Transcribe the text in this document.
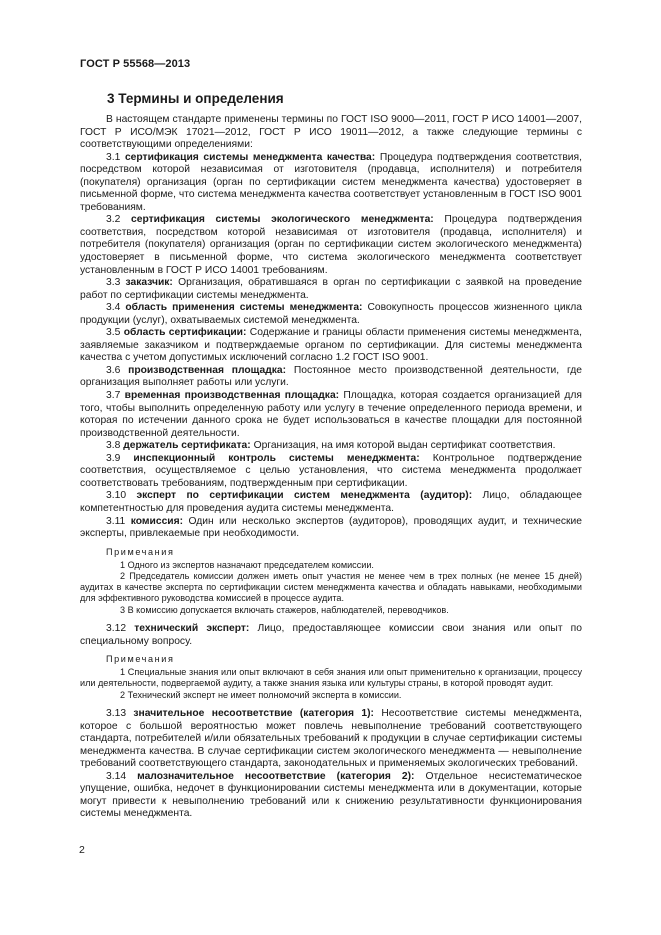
ГОСТ Р 55568—2013
3 Термины и определения

В настоящем стандарте применены термины по ГОСТ ISO 9000—2011, ГОСТ Р ИСО 14001—2007, ГОСТ Р ИСО/МЭК 17021—2012, ГОСТ Р ИСО 19011—2012, а также следующие термины с соответствующими определениями:

3.1 сертификация системы менеджмента качества: Процедура подтверждения соответствия, посредством которой независимая от изготовителя (продавца, исполнителя) и потребителя (покупателя) организация (орган по сертификации систем менеджмента качества) удостоверяет в письменной форме, что система менеджмента качества соответствует установленным в ГОСТ ISO 9001 требованиям.

3.2 сертификация системы экологического менеджмента: Процедура подтверждения соответствия, посредством которой независимая от изготовителя (продавца, исполнителя) и потребителя (покупателя) организация (орган по сертификации систем экологического менеджмента) удостоверяет в письменной форме, что система экологического менеджмента соответствует установленным в ГОСТ Р ИСО 14001 требованиям.

3.3 заказчик: Организация, обратившаяся в орган по сертификации с заявкой на проведение работ по сертификации системы менеджмента.

3.4 область применения системы менеджмента: Совокупность процессов жизненного цикла продукции (услуг), охватываемых системой менеджмента.

3.5 область сертификации: Содержание и границы области применения системы менеджмента, заявляемые заказчиком и подтверждаемые органом по сертификации. Для системы менеджмента качества с учетом допустимых исключений согласно 1.2 ГОСТ ISO 9001.

3.6 производственная площадка: Постоянное место производственной деятельности, где организация выполняет работы или услуги.

3.7 временная производственная площадка: Площадка, которая создается организацией для того, чтобы выполнить определенную работу или услугу в течение определенного периода времени, и которая по истечении данного срока не будет использоваться в качестве площадки для постоянной производственной деятельности.

3.8 держатель сертификата: Организация, на имя которой выдан сертификат соответствия.

3.9 инспекционный контроль системы менеджмента: Контрольное подтверждение соответствия, осуществляемое с целью установления, что система менеджмента продолжает соответствовать требованиям, подтвержденным при сертификации.

3.10 эксперт по сертификации систем менеджмента (аудитор): Лицо, обладающее компетентностью для проведения аудита системы менеджмента.

3.11 комиссия: Один или несколько экспертов (аудиторов), проводящих аудит, и технические эксперты, привлекаемые при необходимости.

Примечания

1 Одного из экспертов назначают председателем комиссии.

2 Председатель комиссии должен иметь опыт участия не менее чем в трех полных (не менее 15 дней) аудитах в качестве эксперта по сертификации систем менеджмента качества и обладать навыками, необходимыми для эффективного руководства комиссией в процессе аудита.

3 В комиссию допускается включать стажеров, наблюдателей, переводчиков.

3.12 технический эксперт: Лицо, предоставляющее комиссии свои знания или опыт по специальному вопросу.

Примечания

1 Специальные знания или опыт включают в себя знания или опыт применительно к организации, процессу или деятельности, подвергаемой аудиту, а также знания языка или культуры страны, в которой проводят аудит.

2 Технический эксперт не имеет полномочий эксперта в комиссии.

3.13 значительное несоответствие (категория 1): Несоответствие системы менеджмента, которое с большой вероятностью может повлечь невыполнение требований соответствующего стандарта, потребителей и/или обязательных требований к продукции в случае сертификации системы менеджмента качества. В случае сертификации систем экологического менеджмента — невыполнение требований соответствующего стандарта, законодательных и применяемых экологических требований.

3.14 малозначительное несоответствие (категория 2): Отдельное несистематическое упущение, ошибка, недочет в функционировании системы менеджмента или в документации, которые могут привести к невыполнению требований или к снижению результативности функционирования системы менеджмента.

2
